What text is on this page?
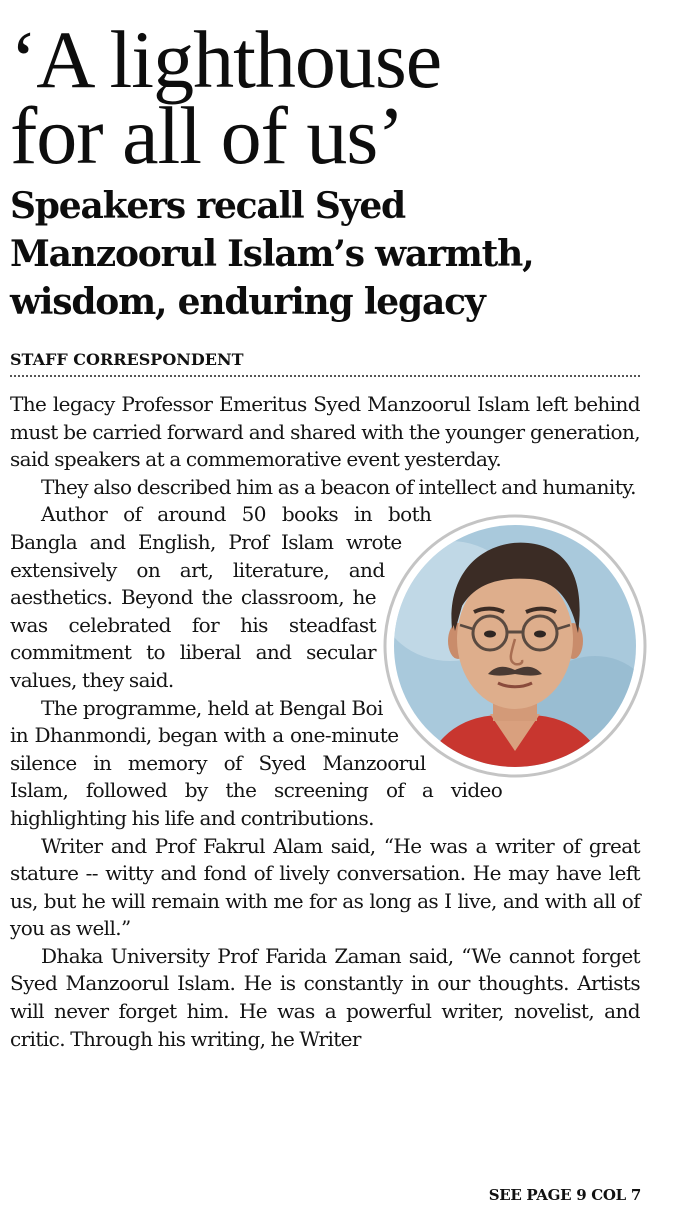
‘A lighthouse
for all of us’
Speakers recall Syed
Manzoorul Islam’s warmth,
wisdom, enduring legacy
STAFF CORRESPONDENT

The legacy Professor Emeritus Syed Manzoorul Islam left behind must be carried forward and shared with the younger generation, said speakers at a commemorative event yesterday.

They also described him as a beacon of intellect and humanity.

Author of around 50 books in both Bangla and English, Prof Islam wrote extensively on art, literature, and aesthetics. Beyond the classroom, he was celebrated for his steadfast commitment to liberal and secular values, they said.

The programme, held at Bengal Boi in Dhanmondi, began with a one-minute silence in memory of Syed Manzoorul Islam, followed by the screening of a video highlighting his life and contributions.

Writer and Prof Fakrul Alam said, “He was a writer of great stature -- witty and fond of lively conversation. He may have left us, but he will remain with me for as long as I live, and with all of you as well.”

Dhaka University Prof Farida Zaman said, “We cannot forget Syed Manzoorul Islam. He is constantly in our thoughts. Artists will never forget him. He was a powerful writer, novelist, and critic. Through his writing, he Writer

SEE PAGE 9 COL 7
